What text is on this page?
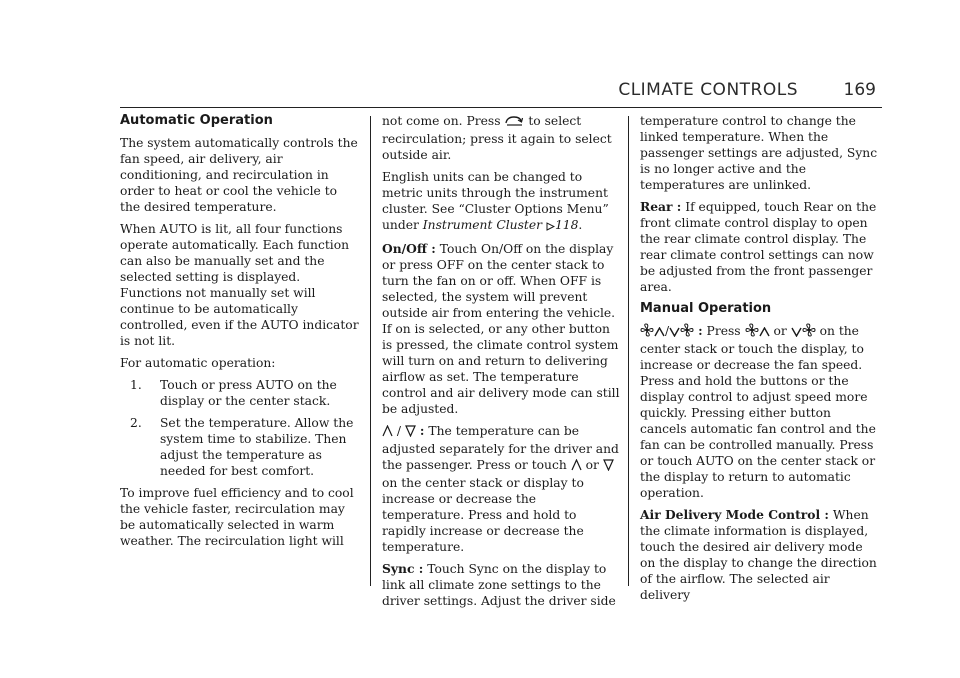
CLIMATE CONTROLS	169
Automatic Operation

The system automatically controls the fan speed, air delivery, air conditioning, and recirculation in order to heat or cool the vehicle to the desired temperature.

When AUTO is lit, all four functions operate automatically. Each function can also be manually set and the selected setting is displayed. Functions not manually set will continue to be automatically controlled, even if the AUTO indicator is not lit.

For automatic operation:

1. Touch or press AUTO on the display or the center stack.
2. Set the temperature. Allow the system time to stabilize. Then adjust the temperature as needed for best comfort.

To improve fuel efficiency and to cool the vehicle faster, recirculation may be automatically selected in warm weather. The recirculation light will

not come on. Press to select recirculation; press it again to select outside air.

English units can be changed to metric units through the instrument cluster. See “Cluster Options Menu” under Instrument Cluster 118.

On/Off : Touch On/Off on the display or press OFF on the center stack to turn the fan on or off. When OFF is selected, the system will prevent outside air from entering the vehicle. If on is selected, or any other button is pressed, the climate control system will turn on and return to delivering airflow as set. The temperature control and air delivery mode can still be adjusted.

/ : The temperature can be adjusted separately for the driver and the passenger. Press or touch or  on the center stack or display to increase or decrease the temperature. Press and hold to rapidly increase or decrease the temperature.

Sync : Touch Sync on the display to link all climate zone settings to the driver settings. Adjust the driver side

temperature control to change the linked temperature. When the passenger settings are adjusted, Sync is no longer active and the temperatures are unlinked.

Rear : If equipped, touch Rear on the front climate control display to open the rear climate control display. The rear climate control settings can now be adjusted from the front passenger area.

Manual Operation

/ : Press	or	on the center stack or touch the display, to increase or decrease the fan speed. Press and hold the buttons or the display control to adjust speed more quickly. Pressing either button cancels automatic fan control and the fan can be controlled manually. Press or touch AUTO on the center stack or the display to return to automatic operation.

Air Delivery Mode Control : When the climate information is displayed, touch the desired air delivery mode on the display to change the direction of the airflow. The selected air delivery
